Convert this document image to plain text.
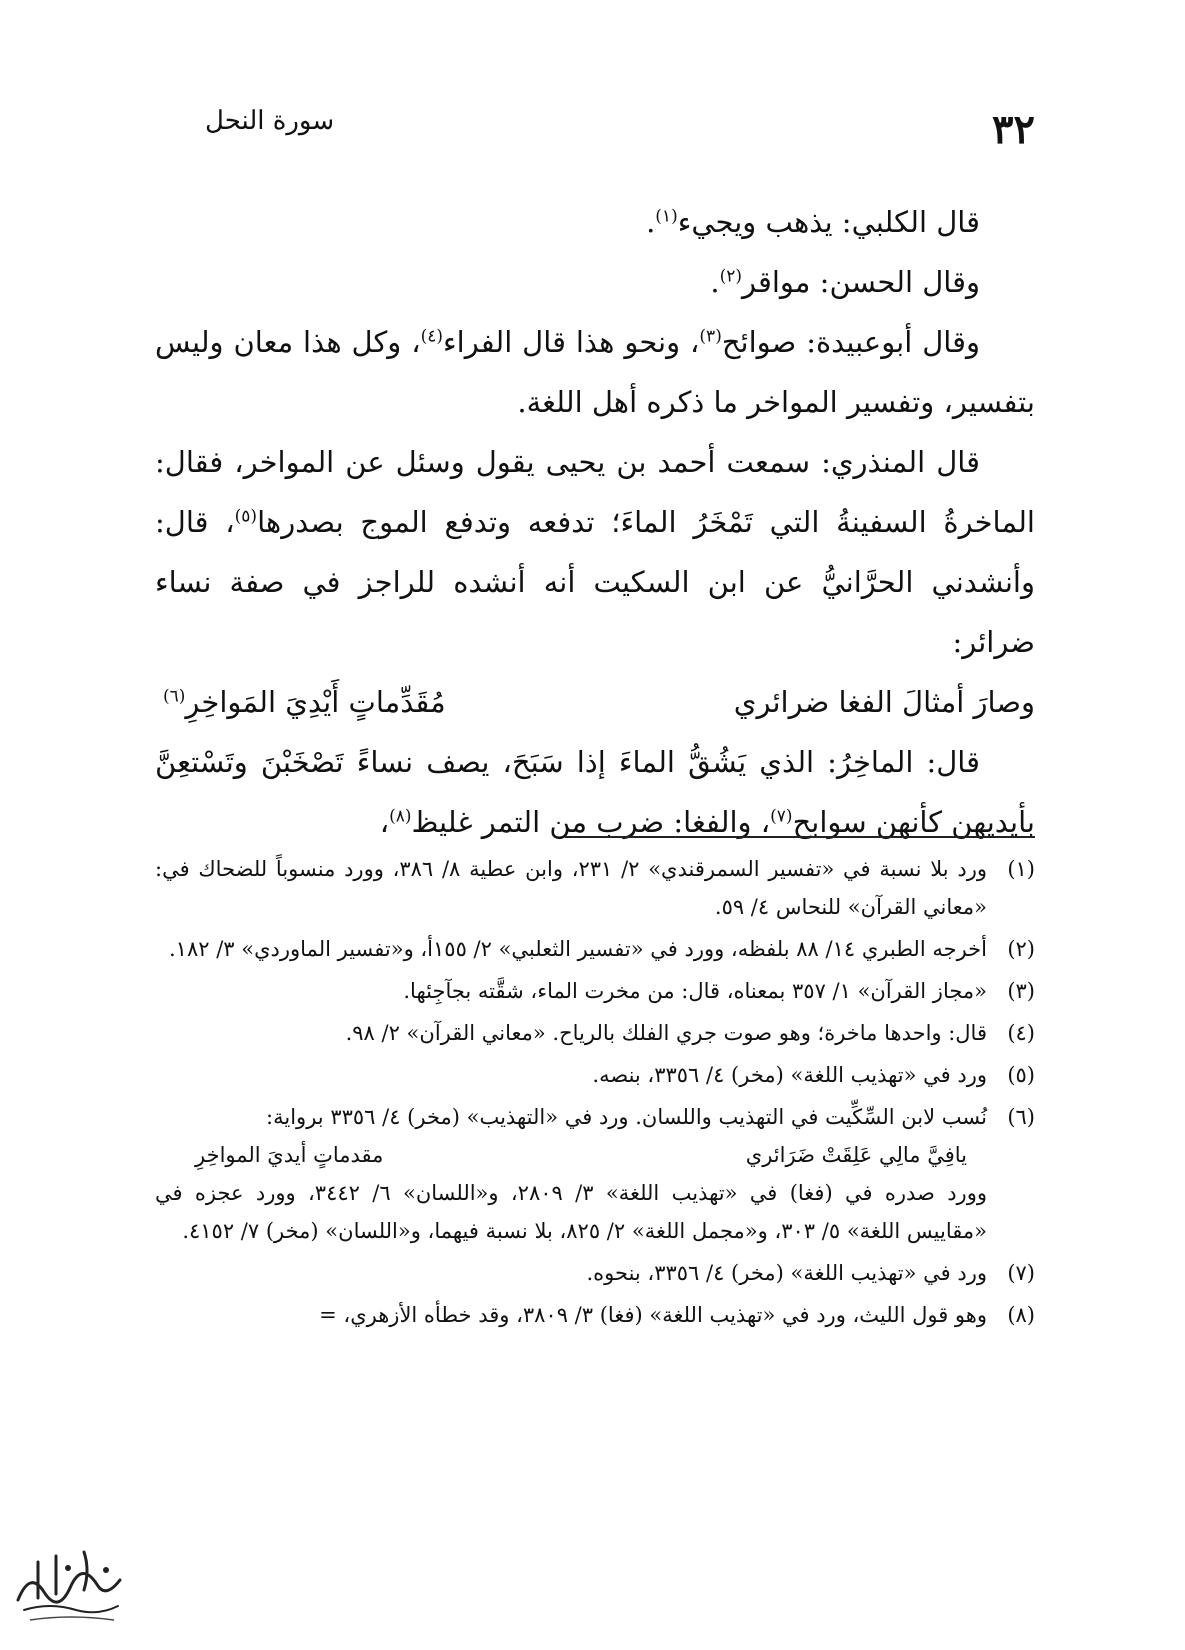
٣٢
سورة النحل

قال الكلبي: يذهب ويجيء$^{(١)}$.

وقال الحسن: مواقر$^{(٢)}$.

وقال أبوعبيدة: صوائح$^{(٣)}$، ونحو هذا قال الفراء$^{(٤)}$، وكل هذا معان وليس بتفسير، وتفسير المواخر ما ذكره أهل اللغة.

قال المنذري: سمعت أحمد بن يحيى يقول وسئل عن المواخر، فقال: الماخرةُ السفينةُ التي تَمْخَرُ الماءَ؛ تدفعه وتدفع الموج بصدرها$^{(٥)}$، قال: وأنشدني الحرَّانيُّ عن ابن السكيت أنه أنشده للراجز في صفة نساء ضرائر:

وصارَ أمثالَ الفغا ضرائري
مُقَدِّماتٍ أَيْدِيَ المَواخِرِ$^{(٦)}$

قال: الماخِرُ: الذي يَشُقُّ الماءَ إذا سَبَحَ، يصف نساءً تَصْخَبْنَ وتَسْتعِنَّ بأيديهن كأنهن سوابح$^{(٧)}$، والفغا: ضرب من التمر غليظ$^{(٨)}$،

(١)
ورد بلا نسبة في «تفسير السمرقندي» ٢/ ٢٣١، وابن عطية ٨/ ٣٨٦، وورد منسوباً للضحاك في: «معاني القرآن» للنحاس ٤/ ٥٩.
(٢)
أخرجه الطبري ١٤/ ٨٨ بلفظه، وورد في «تفسير الثعلبي» ٢/ ١٥٥أ، و«تفسير الماوردي» ٣/ ١٨٢.
(٣)
«مجاز القرآن» ١/ ٣٥٧ بمعناه، قال: من مخرت الماء، شقَّته بجآجِئها.
(٤)
قال: واحدها ماخرة؛ وهو صوت جري الفلك بالرياح. «معاني القرآن» ٢/ ٩٨.
(٥)
ورد في «تهذيب اللغة» (مخر) ٤/ ٣٣٥٦، بنصه.
(٦)
نُسب لابن السِّكِّيت في التهذيب واللسان. ورد في «التهذيب» (مخر) ٤/ ٣٣٥٦ برواية:
يافِيَّ مالِي عَلِقَتْ ضَرَائري
مقدماتٍ أيديَ المواخِرِ
وورد صدره في (فغا) في «تهذيب اللغة» ٣/ ٢٨٠٩، و«اللسان» ٦/ ٣٤٤٢، وورد عجزه في «مقاييس اللغة» ٥/ ٣٠٣، و«مجمل اللغة» ٢/ ٨٢٥، بلا نسبة فيهما، و«اللسان» (مخر) ٧/ ٤١٥٢.
(٧)
ورد في «تهذيب اللغة» (مخر) ٤/ ٣٣٥٦، بنحوه.
(٨)
وهو قول الليث، ورد في «تهذيب اللغة» (فغا) ٣/ ٣٨٠٩، وقد خطأه الأزهري، =
